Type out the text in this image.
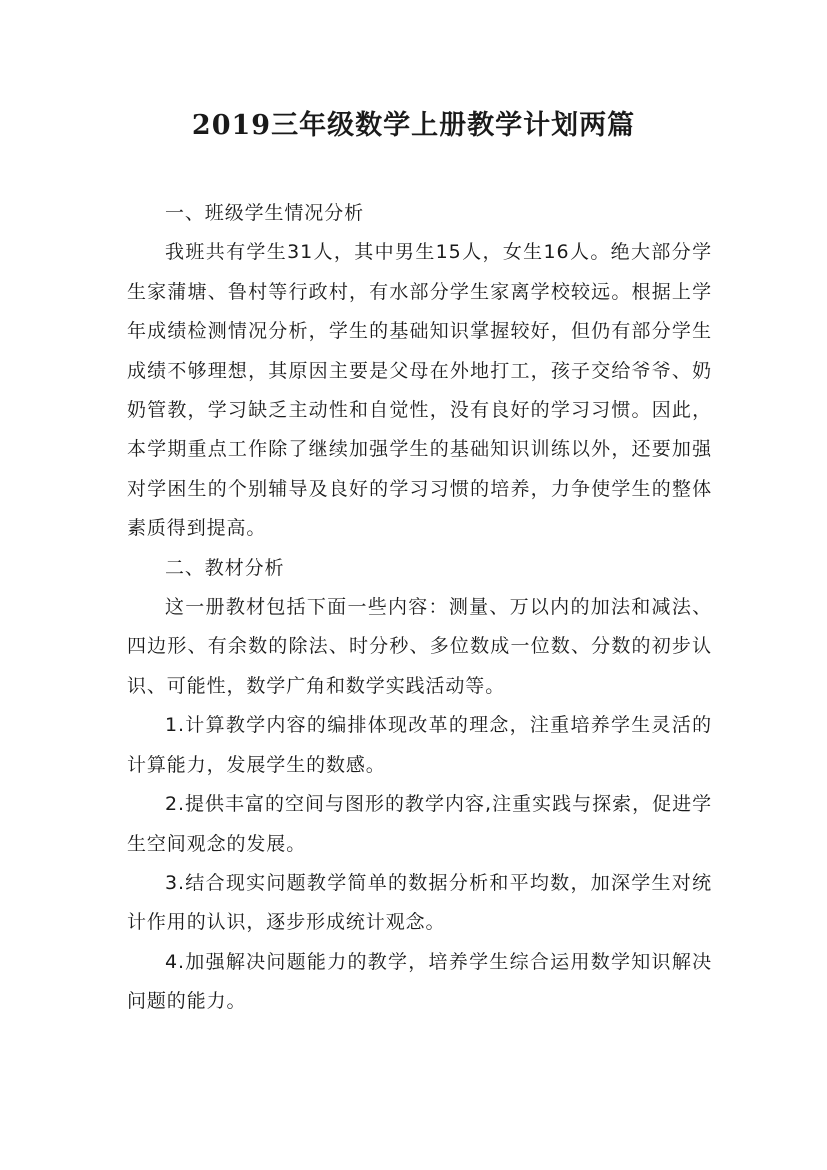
2019三年级数学上册教学计划两篇

一、班级学生情况分析

我班共有学生31人，其中男生15人，女生16人。绝大部分学生家蒲塘、鲁村等行政村，有水部分学生家离学校较远。根据上学年成绩检测情况分析，学生的基础知识掌握较好，但仍有部分学生成绩不够理想，其原因主要是父母在外地打工，孩子交给爷爷、奶奶管教，学习缺乏主动性和自觉性，没有良好的学习习惯。因此，本学期重点工作除了继续加强学生的基础知识训练以外，还要加强对学困生的个别辅导及良好的学习习惯的培养，力争使学生的整体素质得到提高。

二、教材分析

这一册教材包括下面一些内容：测量、万以内的加法和减法、四边形、有余数的除法、时分秒、多位数成一位数、分数的初步认识、可能性，数学广角和数学实践活动等。

1.计算教学内容的编排体现改革的理念，注重培养学生灵活的计算能力，发展学生的数感。

2.提供丰富的空间与图形的教学内容,注重实践与探索，促进学生空间观念的发展。

3.结合现实问题教学简单的数据分析和平均数，加深学生对统计作用的认识，逐步形成统计观念。

4.加强解决问题能力的教学，培养学生综合运用数学知识解决问题的能力。
